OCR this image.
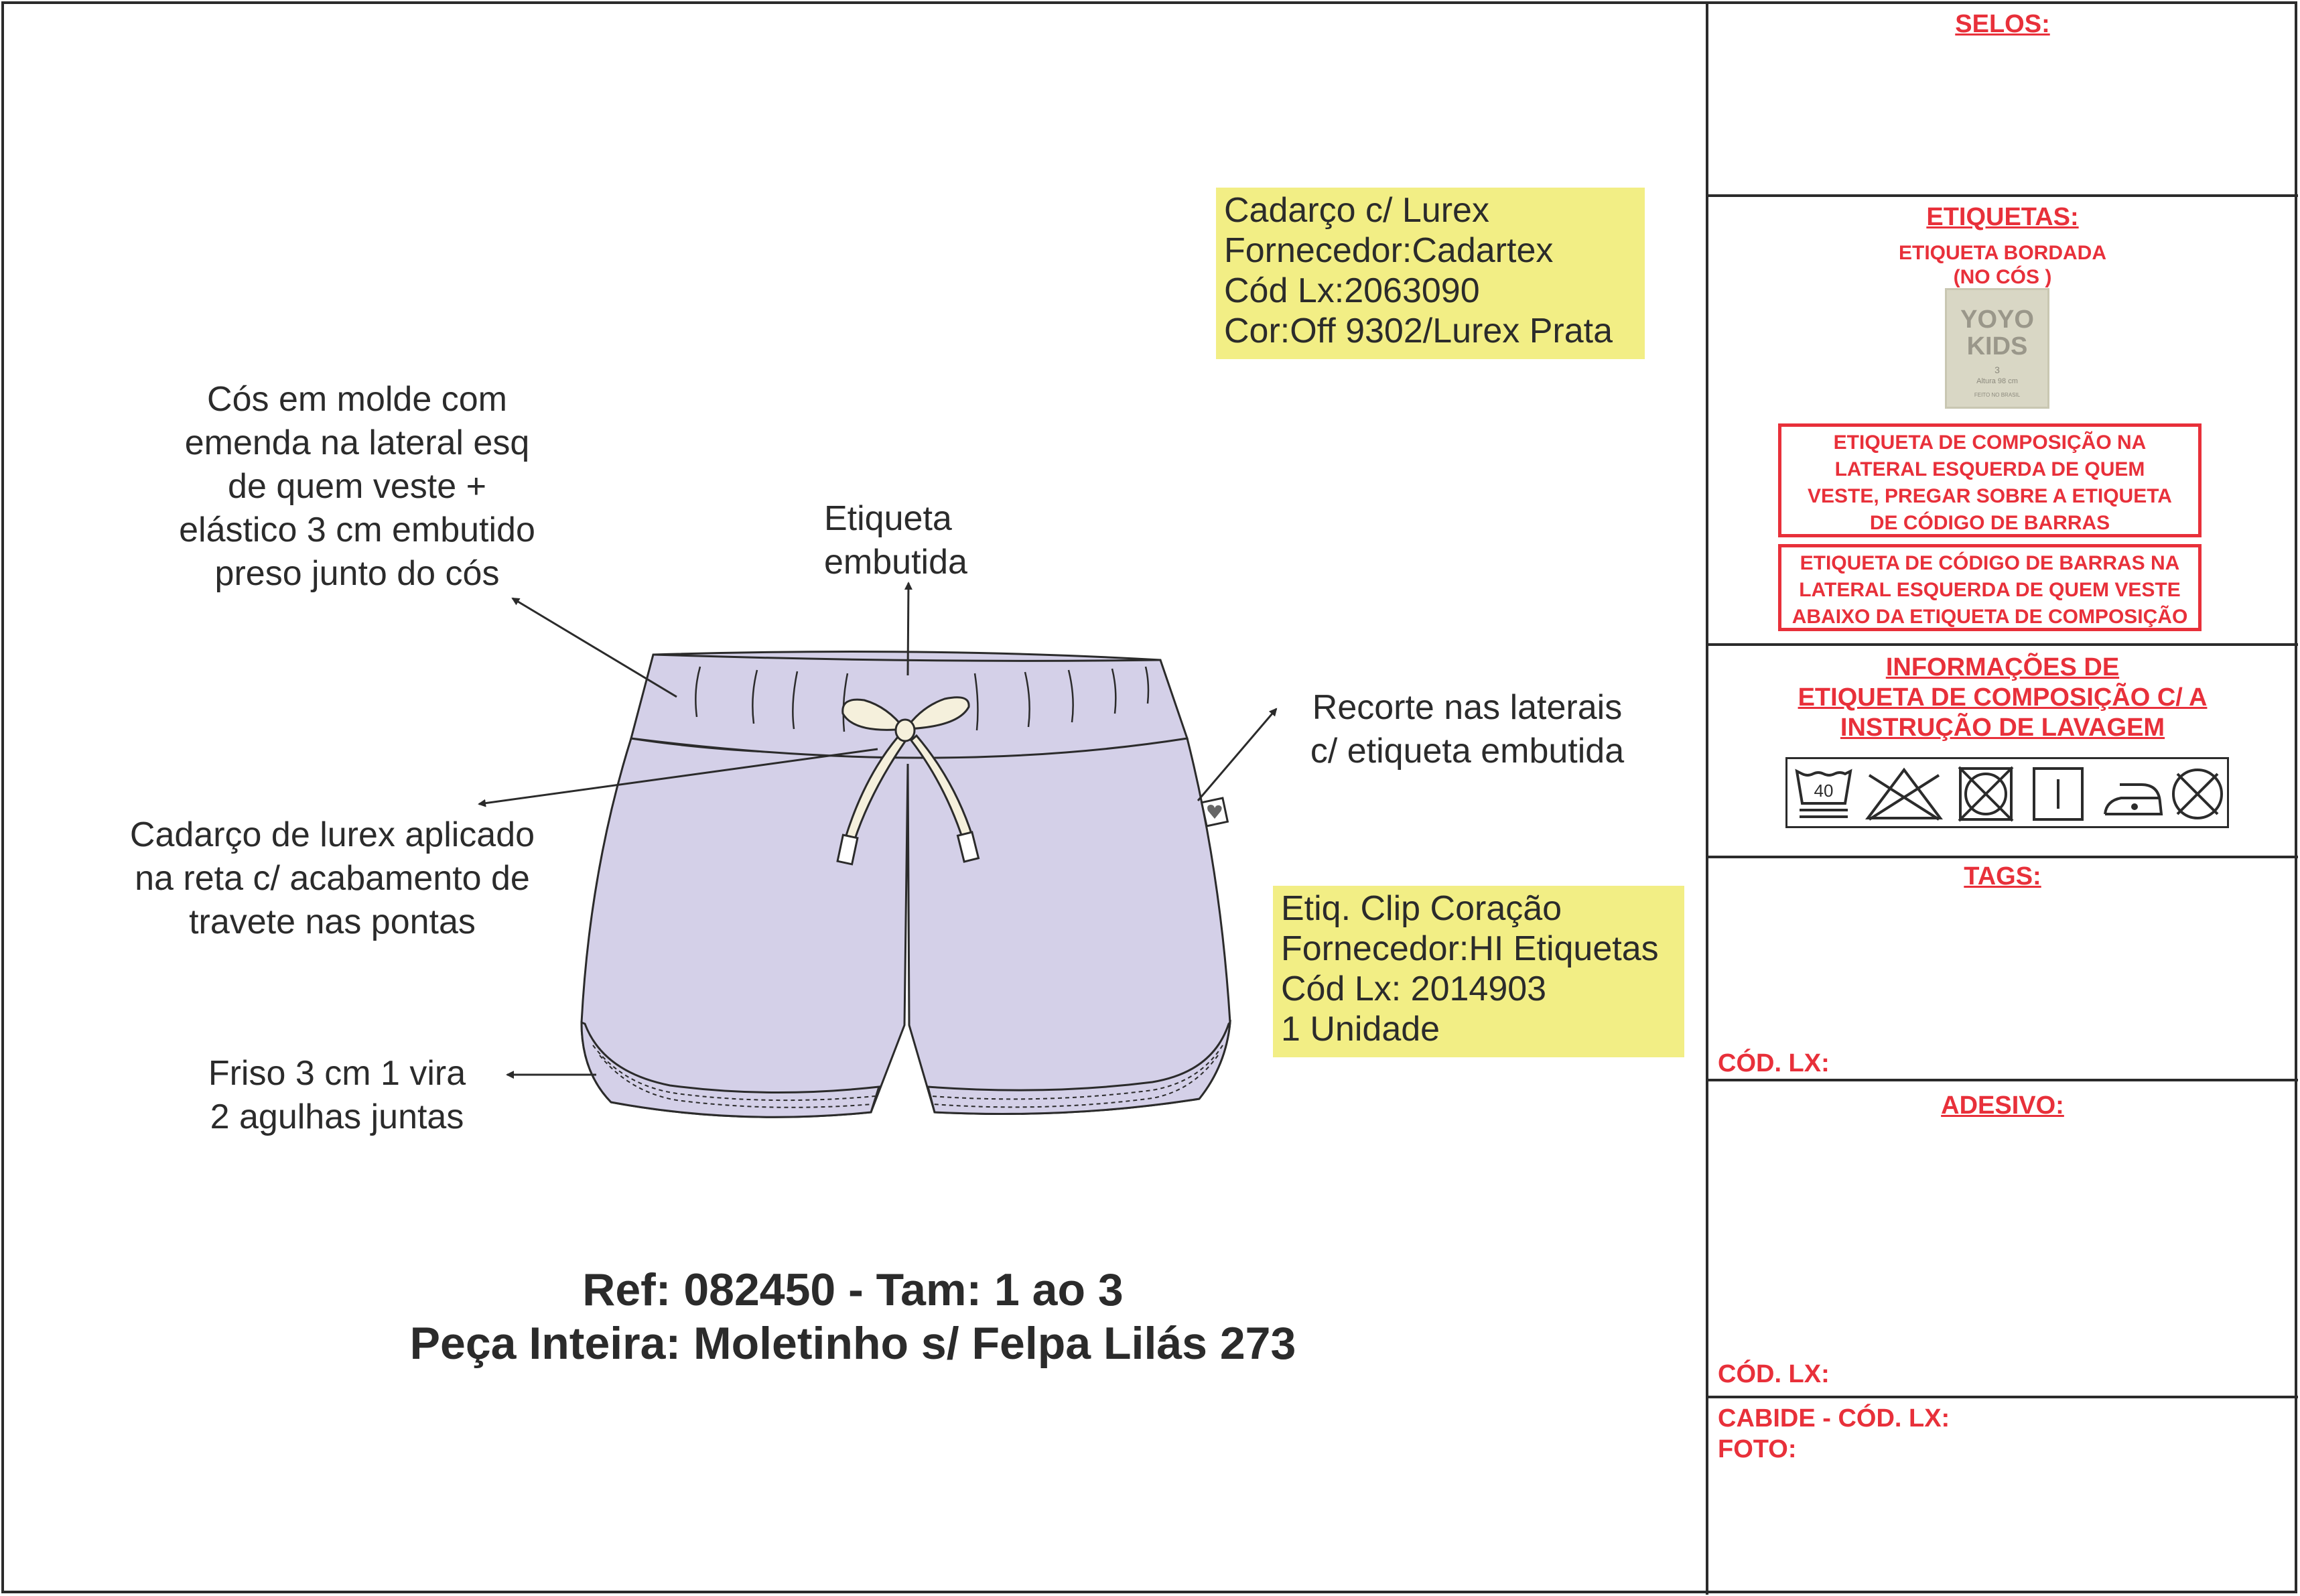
Cós em molde com
emenda na lateral esq
de quem veste +
elástico 3 cm embutido
preso junto do cós
Etiqueta
embutida
Recorte nas laterais
c/ etiqueta embutida
Cadarço de lurex aplicado
na reta c/ acabamento de
travete nas pontas
Friso 3 cm 1 vira
2 agulhas juntas
Cadarço c/ Lurex
Fornecedor:Cadartex
Cód Lx:2063090
Cor:Off 9302/Lurex Prata
Etiq. Clip Coração
Fornecedor:HI Etiquetas
Cód Lx: 2014903
1 Unidade
Ref: 082450 - Tam: 1 ao 3
Peça Inteira: Moletinho s/ Felpa Lilás 273
SELOS:
ETIQUETAS:
ETIQUETA BORDADA
(NO CÓS )
YOYO
KIDS
3
Altura 98 cm
FEITO NO BRASIL
ETIQUETA DE COMPOSIÇÃO NA
LATERAL ESQUERDA DE QUEM
VESTE, PREGAR SOBRE A ETIQUETA
DE CÓDIGO DE BARRAS
ETIQUETA DE CÓDIGO DE BARRAS NA
LATERAL ESQUERDA DE QUEM VESTE
ABAIXO DA ETIQUETA DE COMPOSIÇÃO
INFORMAÇÕES DE
ETIQUETA DE COMPOSIÇÃO C/ A
INSTRUÇÃO DE LAVAGEM
40
TAGS:
CÓD. LX:
ADESIVO:
CÓD. LX:
CABIDE - CÓD. LX:
FOTO:
